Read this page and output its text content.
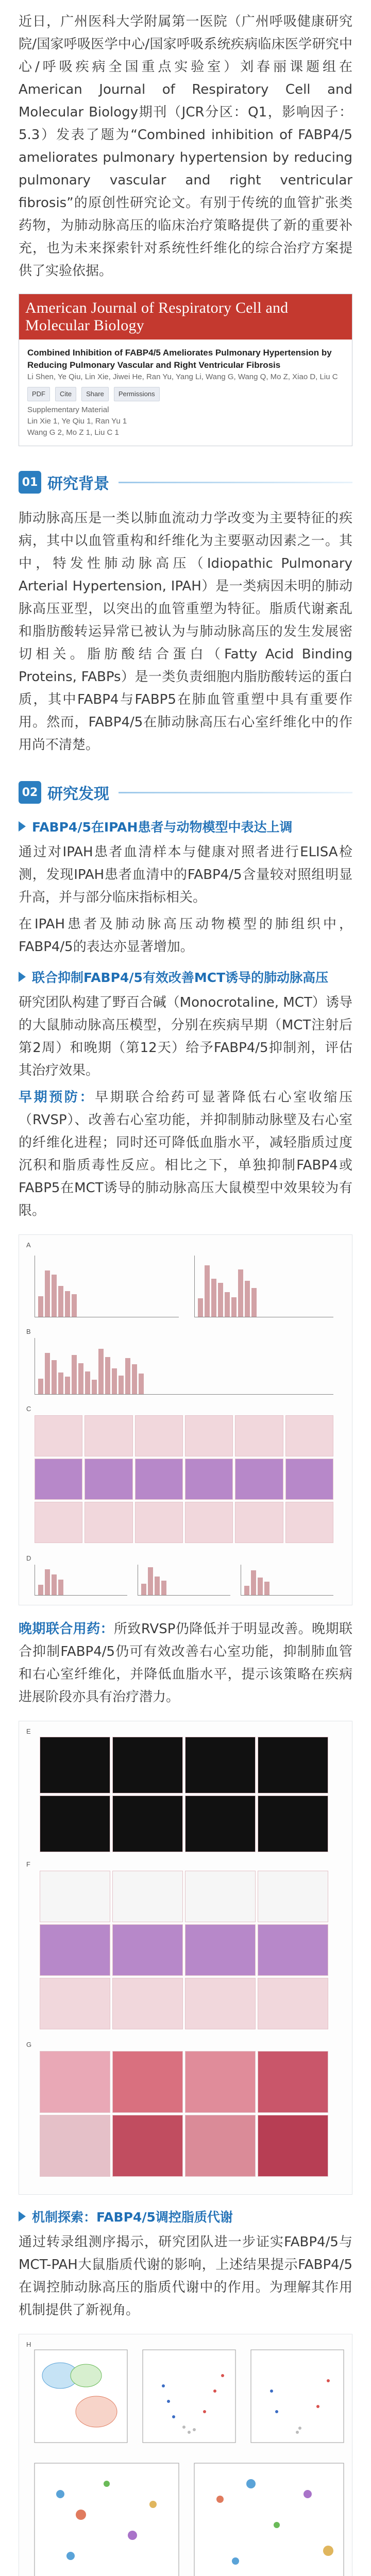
近日，广州医科大学附属第一医院（广州呼吸健康研究院/国家呼吸医学中心/国家呼吸系统疾病临床医学研究中心/呼吸疾病全国重点实验室）刘春丽课题组在American Journal of Respiratory Cell and Molecular Biology期刊（JCR分区：Q1，影响因子：5.3）发表了题为“Combined inhibition of FABP4/5 ameliorates pulmonary hypertension by reducing pulmonary vascular and right ventricular fibrosis”的原创性研究论文。有别于传统的血管扩张类药物，为肺动脉高压的临床治疗策略提供了新的重要补充，也为未来探索针对系统性纤维化的综合治疗方案提供了实验依据。

American Journal of Respiratory Cell and Molecular Biology
Combined Inhibition of FABP4/5 Ameliorates Pulmonary Hypertension by Reducing Pulmonary Vascular and Right Ventricular Fibrosis
Li Shen, Ye Qiu, Lin Xie, Jiwei He, Ran Yu, Yang Li, Wang G, Wang Q, Mo Z, Xiao D, Liu C
PDF	Cite	Share	Permissions
Supplementary Material
Lin Xie 1, Ye Qiu 1, Ran Yu 1
Wang G 2, Mo Z 1, Liu C 1
01 研究背景

肺动脉高压是一类以肺血流动力学改变为主要特征的疾病，其中以血管重构和纤维化为主要驱动因素之一。其中，特发性肺动脉高压（Idiopathic Pulmonary Arterial Hypertension, IPAH）是一类病因未明的肺动脉高压亚型，以突出的血管重塑为特征。脂质代谢紊乱和脂肪酸转运异常已被认为与肺动脉高压的发生发展密切相关。脂肪酸结合蛋白（Fatty Acid Binding Proteins, FABPs）是一类负责细胞内脂肪酸转运的蛋白质，其中FABP4与FABP5在肺血管重塑中具有重要作用。然而，FABP4/5在肺动脉高压右心室纤维化中的作用尚不清楚。

02 研究发现
FABP4/5在IPAH患者与动物模型中表达上调

通过对IPAH患者血清样本与健康对照者进行ELISA检测，发现IPAH患者血清中的FABP4/5含量较对照组明显升高，并与部分临床指标相关。

在IPAH患者及肺动脉高压动物模型的肺组织中，FABP4/5的表达亦显著增加。

联合抑制FABP4/5有效改善MCT诱导的肺动脉高压

研究团队构建了野百合碱（Monocrotaline, MCT）诱导的大鼠肺动脉高压模型，分别在疾病早期（MCT注射后第2周）和晚期（第12天）给予FABP4/5抑制剂，评估其治疗效果。

早期预防：早期联合给药可显著降低右心室收缩压（RVSP）、改善右心室功能，并抑制肺动脉壁及右心室的纤维化进程；同时还可降低血脂水平，减轻脂质过度沉积和脂质毒性反应。相比之下，单独抑制FABP4或FABP5在MCT诱导的肺动脉高压大鼠模型中效果较为有限。
A
B
C
D
晚期联合用药：所致RVSP仍降低并于明显改善。晚期联合抑制FABP4/5仍可有效改善右心室功能，抑制肺血管和右心室纤维化，并降低血脂水平，提示该策略在疾病进展阶段亦具有治疗潜力。
E
F
G
机制探索：FABP4/5调控脂质代谢

通过转录组测序揭示，研究团队进一步证实FABP4/5与MCT-PAH大鼠脂质代谢的影响，上述结果提示FABP4/5在调控肺动脉高压的脂质代谢中的作用。为理解其作用机制提供了新视角。

H
